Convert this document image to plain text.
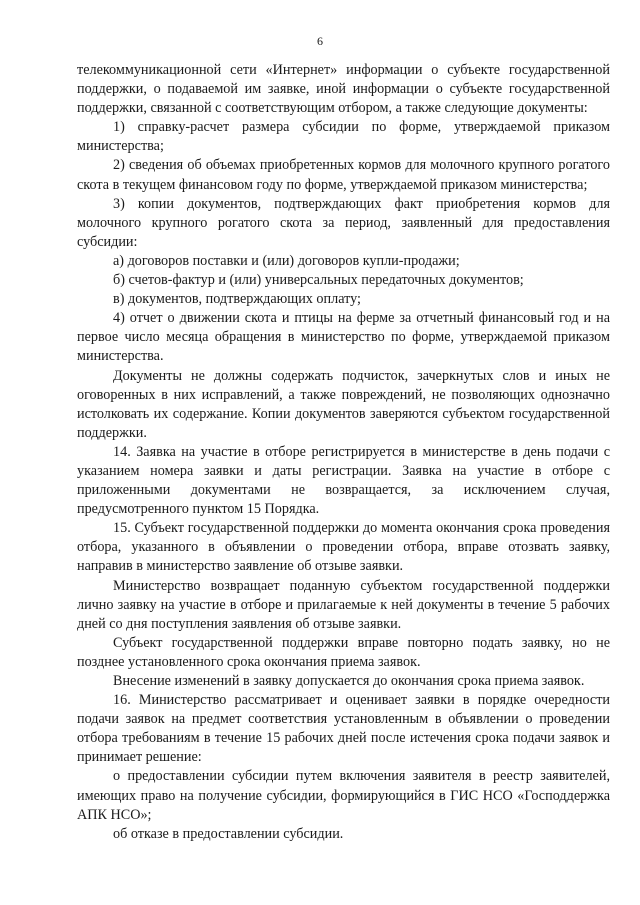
6

телекоммуникационной сети «Интернет» информации о субъекте государственной поддержки, о подаваемой им заявке, иной информации о субъекте государственной поддержки, связанной с соответствующим отбором, а также следующие документы:

1) справку-расчет размера субсидии по форме, утверждаемой приказом министерства;

2) сведения об объемах приобретенных кормов для молочного крупного рогатого скота в текущем финансовом году по форме, утверждаемой приказом министерства;

3) копии документов, подтверждающих факт приобретения кормов для молочного крупного рогатого скота за период, заявленный для предоставления субсидии:

а) договоров поставки и (или) договоров купли-продажи;

б) счетов-фактур и (или) универсальных передаточных документов;

в) документов, подтверждающих оплату;

4) отчет о движении скота и птицы на ферме за отчетный финансовый год и на первое число месяца обращения в министерство по форме, утверждаемой приказом министерства.

Документы не должны содержать подчисток, зачеркнутых слов и иных не оговоренных в них исправлений, а также повреждений, не позволяющих однозначно истолковать их содержание. Копии документов заверяются субъектом государственной поддержки.

14. Заявка на участие в отборе регистрируется в министерстве в день подачи с указанием номера заявки и даты регистрации. Заявка на участие в отборе с приложенными документами не возвращается, за исключением случая, предусмотренного пунктом 15 Порядка.

15. Субъект государственной поддержки до момента окончания срока проведения отбора, указанного в объявлении о проведении отбора, вправе отозвать заявку, направив в министерство заявление об отзыве заявки.

Министерство возвращает поданную субъектом государственной поддержки лично заявку на участие в отборе и прилагаемые к ней документы в течение 5 рабочих дней со дня поступления заявления об отзыве заявки.

Субъект государственной поддержки вправе повторно подать заявку, но не позднее установленного срока окончания приема заявок.

Внесение изменений в заявку допускается до окончания срока приема заявок.

16. Министерство рассматривает и оценивает заявки в порядке очередности подачи заявок на предмет соответствия установленным в объявлении о проведении отбора требованиям в течение 15 рабочих дней после истечения срока подачи заявок и принимает решение:

о предоставлении субсидии путем включения заявителя в реестр заявителей, имеющих право на получение субсидии, формирующийся в ГИС НСО «Господдержка АПК НСО»;

об отказе в предоставлении субсидии.
